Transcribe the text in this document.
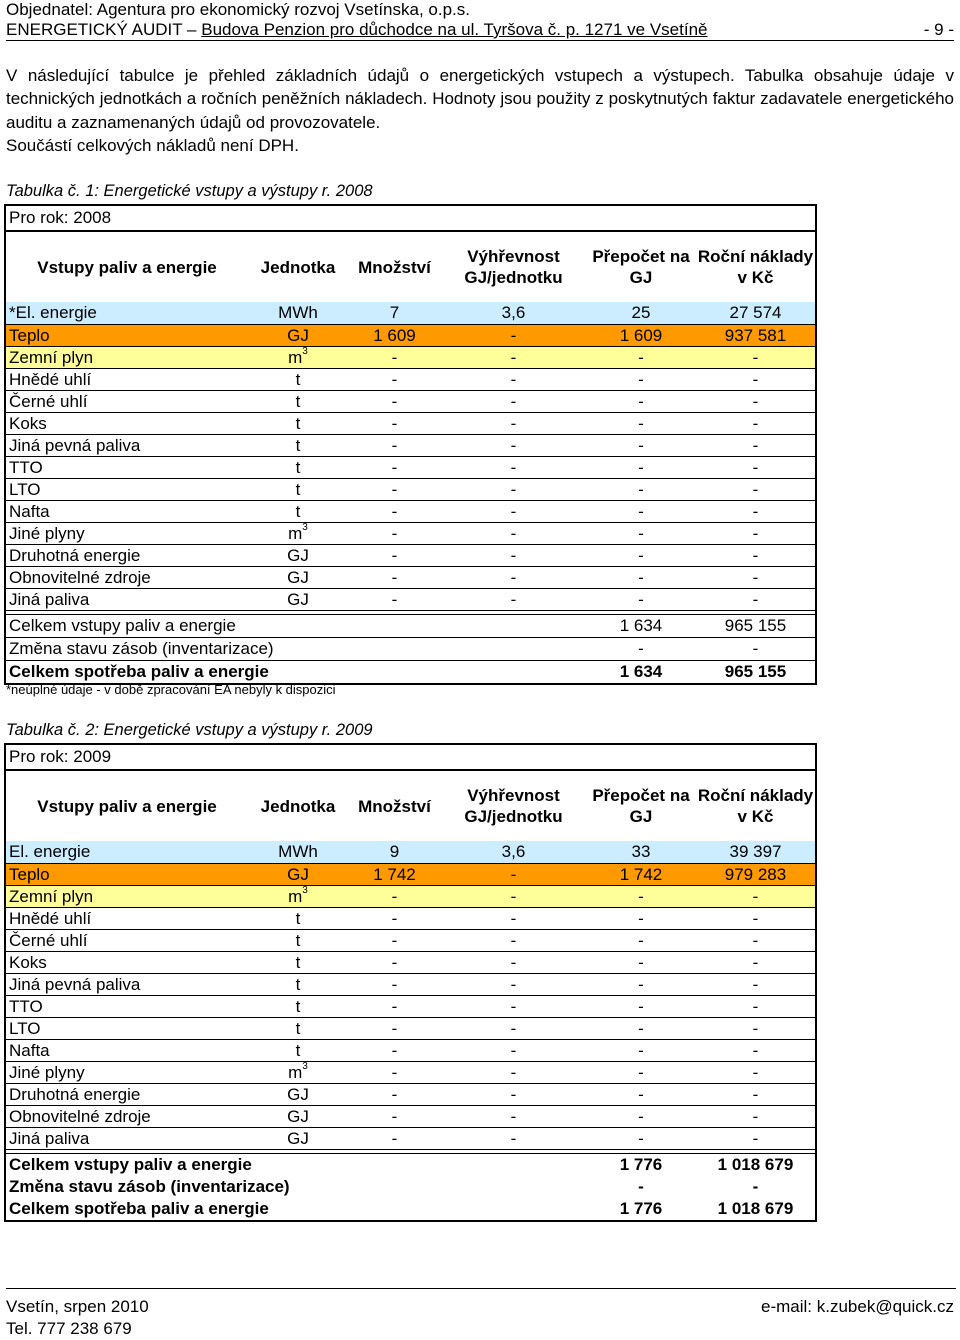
Objednatel: Agentura pro ekonomický rozvoj Vsetínska, o.p.s.
ENERGETICKÝ AUDIT – Budova Penzion pro důchodce na ul. Tyršova č. p. 1271 ve Vsetíně	- 9 -
V následující tabulce je přehled základních údajů o energetických vstupech a výstupech. Tabulka obsahuje údaje v technických jednotkách a ročních peněžních nákladech. Hodnoty jsou použity z poskytnutých faktur zadavatele energetického auditu a zaznamenaných údajů od provozovatele.
Součástí celkových nákladů není DPH.
Tabulka č. 1: Energetické vstupy a výstupy r. 2008
Pro rok: 2008
Vstupy paliv a energie	Jednotka	Množství	Výhřevnost GJ/jednotku	Přepočet na GJ	Roční náklady v Kč
*El. energie	MWh	7	3,6	25	27 574
Teplo	GJ	1 609	-	1 609	937 581
Zemní plyn	$m^3$	-	-	-	-
Hnědé uhlí	t	-	-	-	-
Černé uhlí	t	-	-	-	-
Koks	t	-	-	-	-
Jiná pevná paliva	t	-	-	-	-
TTO	t	-	-	-	-
LTO	t	-	-	-	-
Nafta	t	-	-	-	-
Jiné plyny	$m^3$	-	-	-	-
Druhotná energie	GJ	-	-	-	-
Obnovitelné zdroje	GJ	-	-	-	-
Jiná paliva	GJ	-	-	-	-

Celkem vstupy paliv a energie				1 634	965 155
Změna stavu zásob (inventarizace)				-	-
Celkem spotřeba paliv a energie				1 634	965 155
*neúplné údaje - v době zpracování EA nebyly k dispozici
Tabulka č. 2: Energetické vstupy a výstupy r. 2009
Pro rok: 2009
Vstupy paliv a energie	Jednotka	Množství	Výhřevnost GJ/jednotku	Přepočet na GJ	Roční náklady v Kč
El. energie	MWh	9	3,6	33	39 397
Teplo	GJ	1 742	-	1 742	979 283
Zemní plyn	$m^3$	-	-	-	-
Hnědé uhlí	t	-	-	-	-
Černé uhlí	t	-	-	-	-
Koks	t	-	-	-	-
Jiná pevná paliva	t	-	-	-	-
TTO	t	-	-	-	-
LTO	t	-	-	-	-
Nafta	t	-	-	-	-
Jiné plyny	$m^3$	-	-	-	-
Druhotná energie	GJ	-	-	-	-
Obnovitelné zdroje	GJ	-	-	-	-
Jiná paliva	GJ	-	-	-	-

Celkem vstupy paliv a energie				1 776	1 018 679
Změna stavu zásob (inventarizace)				-	-
Celkem spotřeba paliv a energie				1 776	1 018 679
Vsetín, srpen 2010
Tel. 777 238 679
e-mail: k.zubek@quick.cz
